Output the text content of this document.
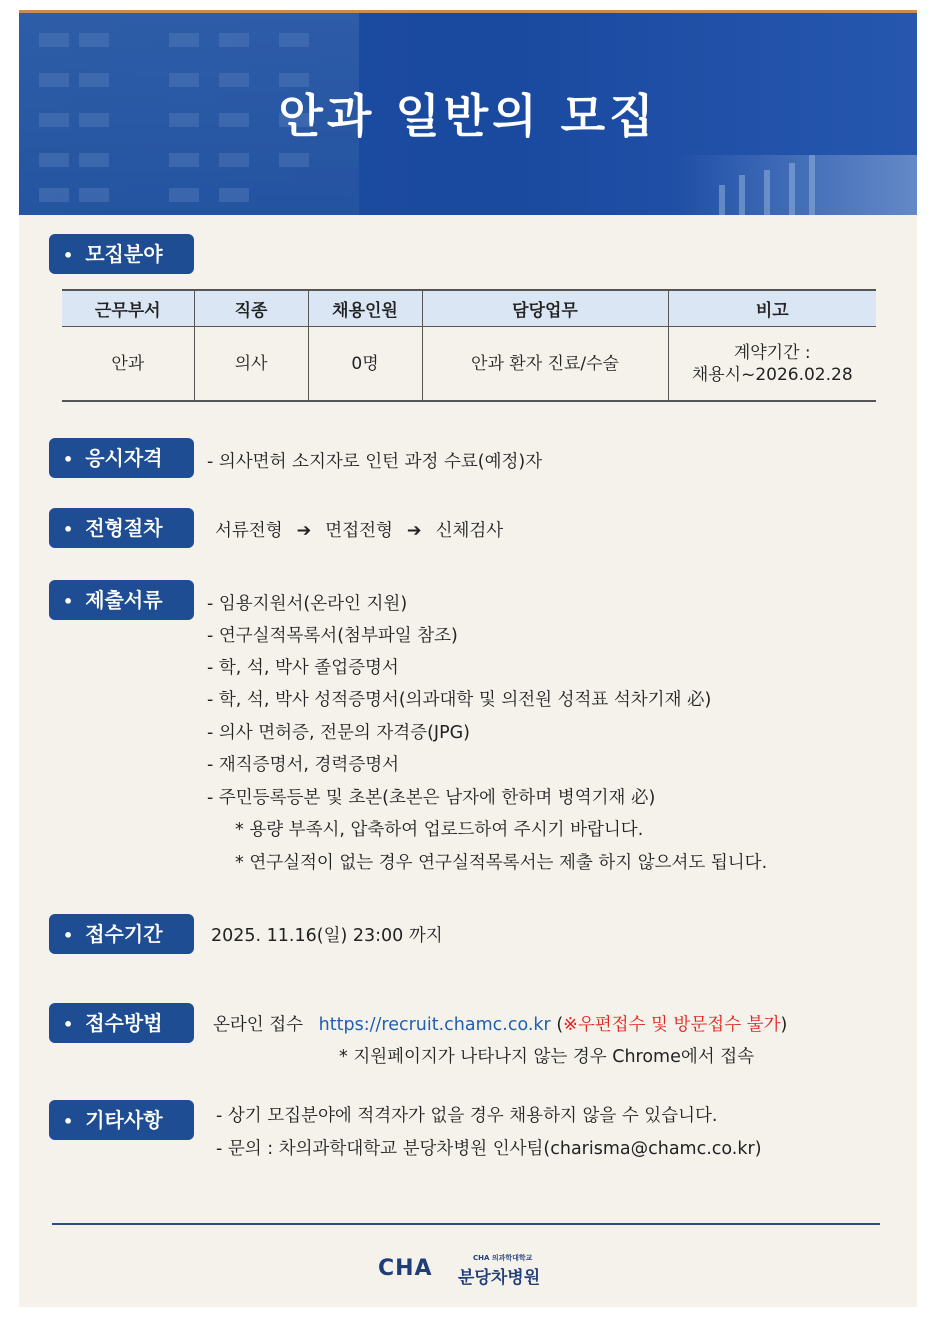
안과 일반의 모집
• 모집분야
근무부서	직종	채용인원	담당업무	비고
안과	의사	0명	안과 환자 진료/수술	계약기간 :
채용시~2026.02.28
• 응시자격	- 의사면허 소지자로 인턴 과정 수료(예정)자
• 전형절차	서류전형 ➔ 면접전형 ➔ 신체검사
• 제출서류	- 임용지원서(온라인 지원)
- 연구실적목록서(첨부파일 참조)
- 학, 석, 박사 졸업증명서
- 학, 석, 박사 성적증명서(의과대학 및 의전원 성적표 석차기재 必)
- 의사 면허증, 전문의 자격증(JPG)
- 재직증명서, 경력증명서
- 주민등록등본 및 초본(초본은 남자에 한하며 병역기재 必)
* 용량 부족시, 압축하여 업로드하여 주시기 바랍니다.
* 연구실적이 없는 경우 연구실적목록서는 제출 하지 않으셔도 됩니다.
• 접수기간	2025. 11.16(일) 23:00 까지
• 접수방법	온라인 접수 https://recruit.chamc.co.kr (※우편접수 및 방문접수 불가)
* 지원페이지가 나타나지 않는 경우 Chrome에서 접속
• 기타사항	- 상기 모집분야에 적격자가 없을 경우 채용하지 않을 수 있습니다.
- 문의 : 차의과학대학교 분당차병원 인사팀(charisma@chamc.co.kr)
CHA	CHA 의과학대학교
분당차병원
